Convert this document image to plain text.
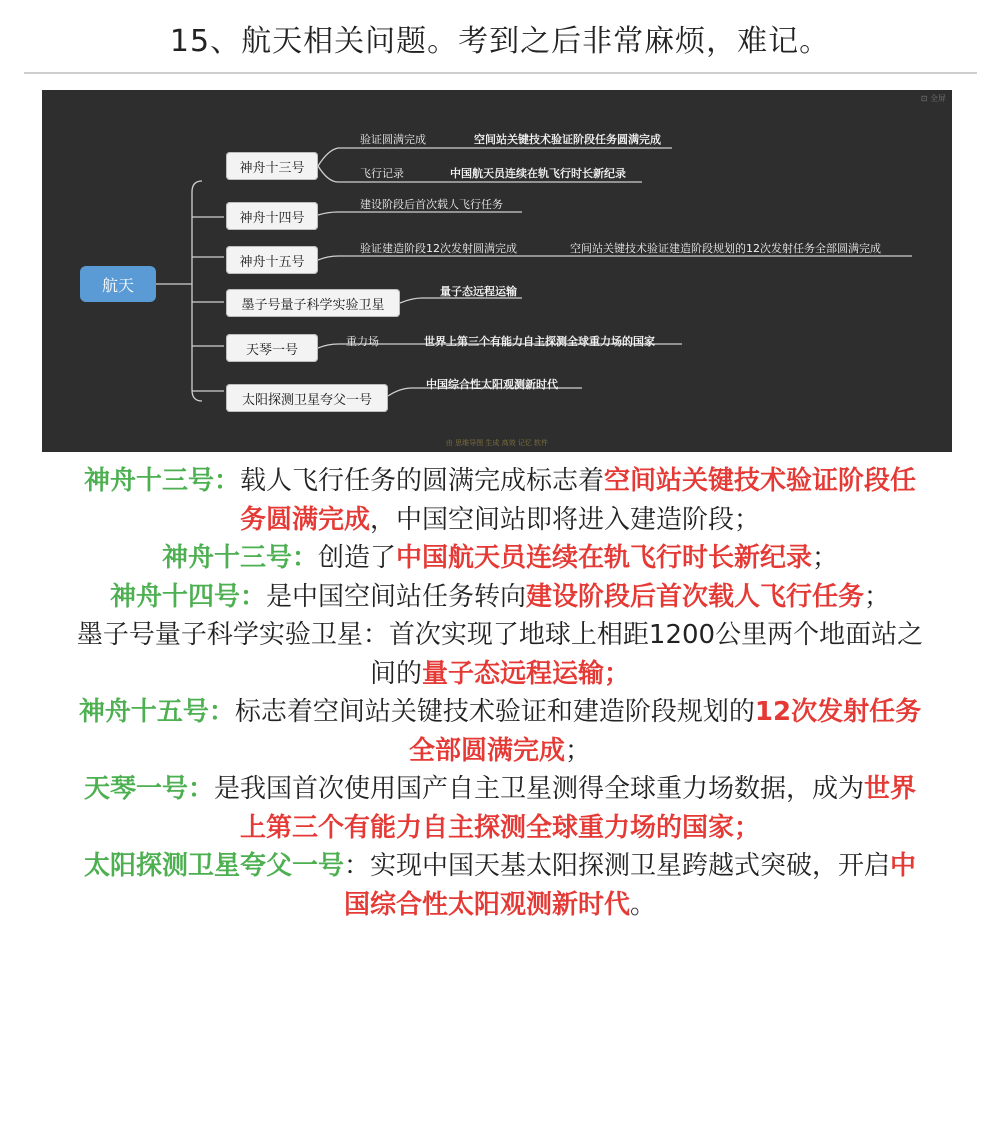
15、航天相关问题。考到之后非常麻烦，难记。
⊡ 全屏
航天
神舟十三号
验证圆满完成	空间站关键技术验证阶段任务圆满完成
飞行记录	中国航天员连续在轨飞行时长新纪录
神舟十四号
建设阶段后首次载人飞行任务
神舟十五号
验证建造阶段12次发射圆满完成	空间站关键技术验证建造阶段规划的12次发射任务全部圆满完成
墨子号量子科学实验卫星
量子态远程运输
天琴一号
重力场	世界上第三个有能力自主探测全球重力场的国家
太阳探测卫星夸父一号
中国综合性太阳观测新时代
由 思维导图 生成 高效 记忆 软件

神舟十三号：载人飞行任务的圆满完成标志着空间站关键技术验证阶段任
务圆满完成，中国空间站即将进入建造阶段；

神舟十三号：创造了中国航天员连续在轨飞行时长新纪录；

神舟十四号：是中国空间站任务转向建设阶段后首次载人飞行任务；

墨子号量子科学实验卫星：首次实现了地球上相距1200公里两个地面站之
间的量子态远程运输；

神舟十五号：标志着空间站关键技术验证和建造阶段规划的12次发射任务
全部圆满完成；

天琴一号：是我国首次使用国产自主卫星测得全球重力场数据，成为世界
上第三个有能力自主探测全球重力场的国家；

太阳探测卫星夸父一号：实现中国天基太阳探测卫星跨越式突破，开启中
国综合性太阳观测新时代。
